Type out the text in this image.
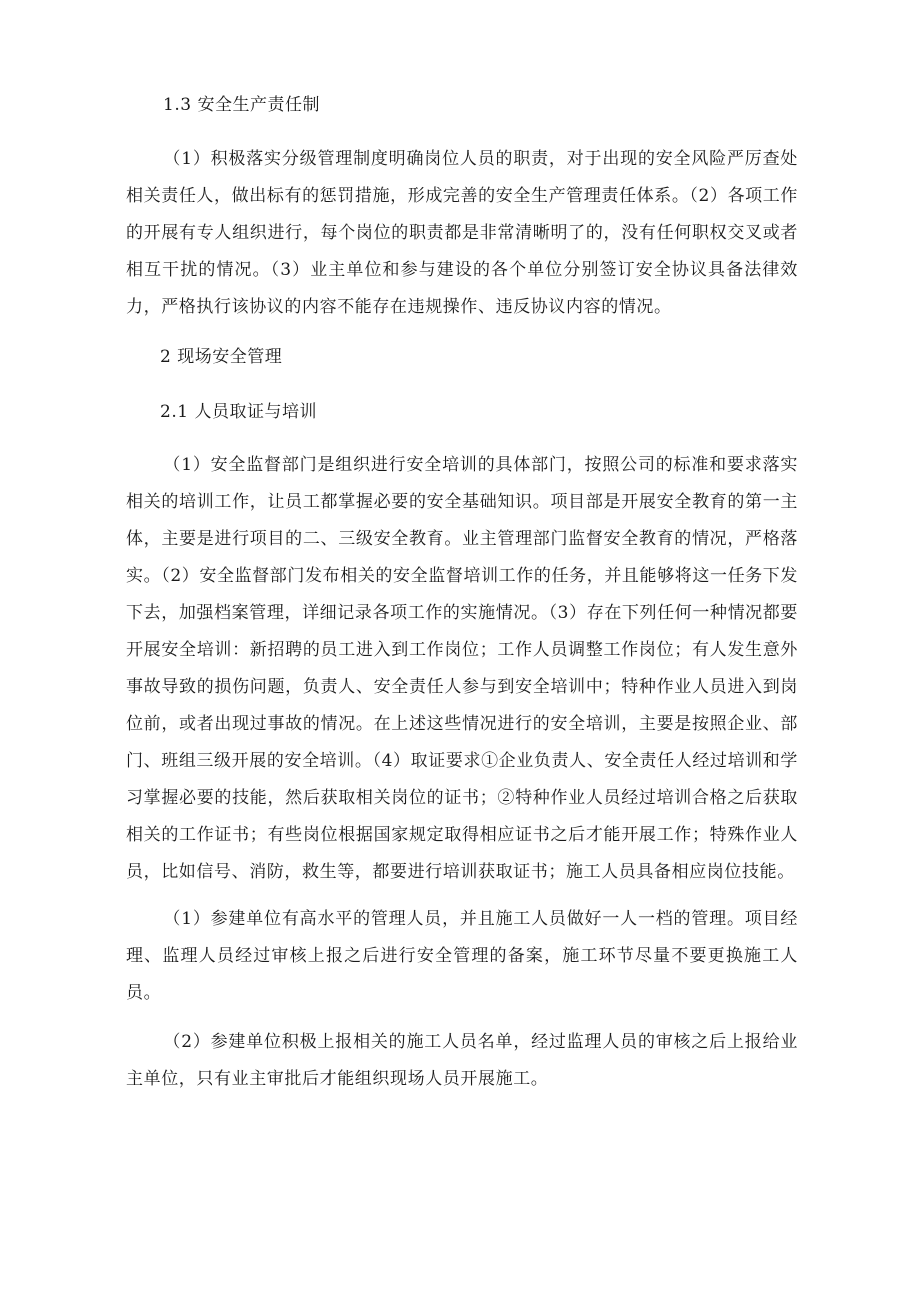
1.3 安全生产责任制

（1）积极落实分级管理制度明确岗位人员的职责，对于出现的安全风险严厉查处相关责任人，做出标有的惩罚措施，形成完善的安全生产管理责任体系。（2）各项工作的开展有专人组织进行，每个岗位的职责都是非常清晰明了的，没有任何职权交叉或者相互干扰的情况。（3）业主单位和参与建设的各个单位分别签订安全协议具备法律效力，严格执行该协议的内容不能存在违规操作、违反协议内容的情况。

2 现场安全管理
2.1 人员取证与培训

（1）安全监督部门是组织进行安全培训的具体部门，按照公司的标准和要求落实相关的培训工作，让员工都掌握必要的安全基础知识。项目部是开展安全教育的第一主体，主要是进行项目的二、三级安全教育。业主管理部门监督安全教育的情况，严格落实。（2）安全监督部门发布相关的安全监督培训工作的任务，并且能够将这一任务下发下去，加强档案管理，详细记录各项工作的实施情况。（3）存在下列任何一种情况都要开展安全培训：新招聘的员工进入到工作岗位；工作人员调整工作岗位；有人发生意外事故导致的损伤问题，负责人、安全责任人参与到安全培训中；特种作业人员进入到岗位前，或者出现过事故的情况。在上述这些情况进行的安全培训，主要是按照企业、部门、班组三级开展的安全培训。（4）取证要求①企业负责人、安全责任人经过培训和学习掌握必要的技能，然后获取相关岗位的证书；②特种作业人员经过培训合格之后获取相关的工作证书；有些岗位根据国家规定取得相应证书之后才能开展工作；特殊作业人员，比如信号、消防，救生等，都要进行培训获取证书；施工人员具备相应岗位技能。

（1）参建单位有高水平的管理人员，并且施工人员做好一人一档的管理。项目经理、监理人员经过审核上报之后进行安全管理的备案，施工环节尽量不要更换施工人员。

（2）参建单位积极上报相关的施工人员名单，经过监理人员的审核之后上报给业主单位，只有业主审批后才能组织现场人员开展施工。
